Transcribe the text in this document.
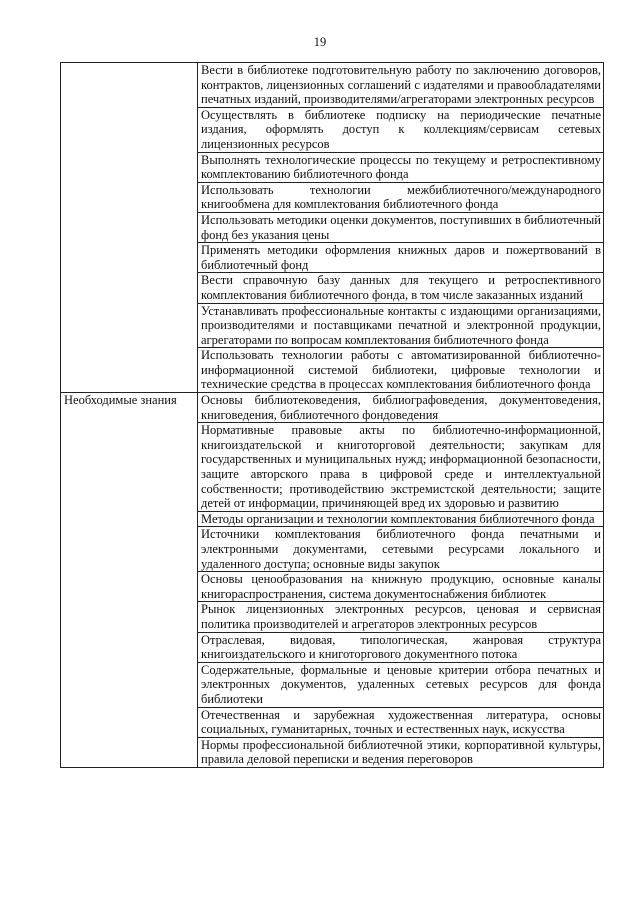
19
	Вести в библиотеке подготовительную работу по заключению договоров, контрактов, лицензионных соглашений с издателями и правообладателями печатных изданий, производителями/агрегаторами электронных ресурсов
	Осуществлять в библиотеке подписку на периодические печатные издания, оформлять доступ к коллекциям/сервисам сетевых лицензионных ресурсов
	Выполнять технологические процессы по текущему и ретроспективному комплектованию библиотечного фонда
	Использовать технологии межбиблиотечного/международного книгообмена для комплектования библиотечного фонда
	Использовать методики оценки документов, поступивших в библиотечный фонд без указания цены
	Применять методики оформления книжных даров и пожертвований в библиотечный фонд
	Вести справочную базу данных для текущего и ретроспективного комплектования библиотечного фонда, в том числе заказанных изданий
	Устанавливать профессиональные контакты с издающими организациями, производителями и поставщиками печатной и электронной продукции, агрегаторами по вопросам комплектования библиотечного фонда
	Использовать технологии работы с автоматизированной библиотечно-информационной системой библиотеки, цифровые технологии и технические средства в процессах комплектования библиотечного фонда
Необходимые знания	Основы библиотековедения, библиографоведения, документоведения, книговедения, библиотечного фондоведения
	Нормативные правовые акты по библиотечно-информационной, книгоиздательской и книготорговой деятельности; закупкам для государственных и муниципальных нужд; информационной безопасности, защите авторского права в цифровой среде и интеллектуальной собственности; противодействию экстремистской деятельности; защите детей от информации, причиняющей вред их здоровью и развитию
	Методы организации и технологии комплектования библиотечного фонда
	Источники комплектования библиотечного фонда печатными и электронными документами, сетевыми ресурсами локального и удаленного доступа; основные виды закупок
	Основы ценообразования на книжную продукцию, основные каналы книгораспространения, система документоснабжения библиотек
	Рынок лицензионных электронных ресурсов, ценовая и сервисная политика производителей и агрегаторов электронных ресурсов
	Отраслевая, видовая, типологическая, жанровая структура книгоиздательского и книготоргового документного потока
	Содержательные, формальные и ценовые критерии отбора печатных и электронных документов, удаленных сетевых ресурсов для фонда библиотеки
	Отечественная и зарубежная художественная литература, основы социальных, гуманитарных, точных и естественных наук, искусства
	Нормы профессиональной библиотечной этики, корпоративной культуры, правила деловой переписки и ведения переговоров
